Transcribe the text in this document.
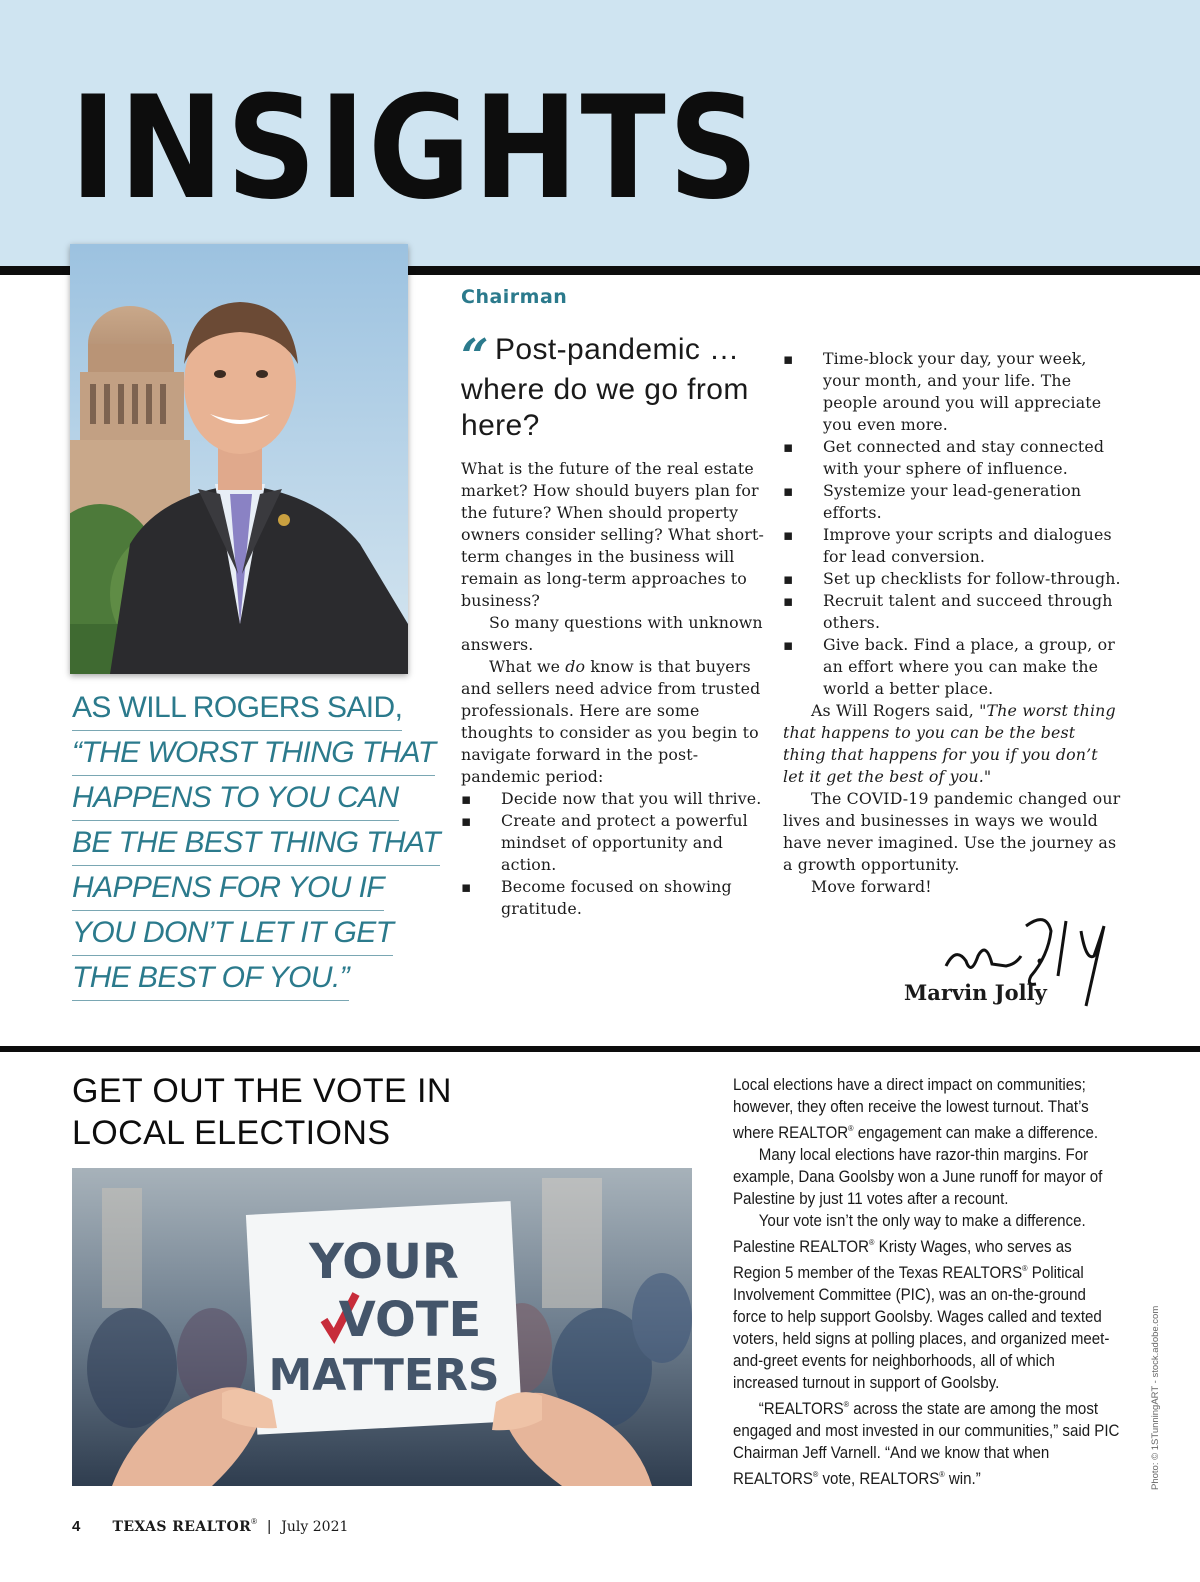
INSIGHTS
AS WILL ROGERS SAID,
“THE WORST THING THAT
HAPPENS TO YOU CAN
BE THE BEST THING THAT
HAPPENS FOR YOU IF
YOU DON’T LET IT GET
THE BEST OF YOU.”
Chairman
“ Post-pandemic … where do we go from here?

What is the future of the real estate market? How should buyers plan for the future? When should property owners consider selling? What short-term changes in the business will remain as long-term approaches to business?

So many questions with unknown answers.

What we do know is that buyers and sellers need advice from trusted professionals. Here are some thoughts to consider as you begin to navigate forward in the post-pandemic period:

▪ Decide now that you will thrive.
▪ Create and protect a powerful mindset of opportunity and action.
▪ Become focused on showing gratitude.
▪ Time-block your day, your week, your month, and your life. The people around you will appreciate you even more.
▪ Get connected and stay connected with your sphere of influence.
▪ Systemize your lead-generation efforts.
▪ Improve your scripts and dialogues for lead conversion.
▪ Set up checklists for follow-through.
▪ Recruit talent and succeed through others.
▪ Give back. Find a place, a group, or an effort where you can make the world a better place.

As Will Rogers said, "The worst thing that happens to you can be the best thing that happens for you if you don’t let it get the best of you."

The COVID-19 pandemic changed our lives and businesses in ways we would have never imagined. Use the journey as a growth opportunity.

Move forward!

Marvin Jolly
GET OUT THE VOTE IN LOCAL ELECTIONS
YOUR
VOTE
MATTERS

Local elections have a direct impact on communities; however, they often receive the lowest turnout. That’s where REALTOR® engagement can make a difference.

Many local elections have razor-thin margins. For example, Dana Goolsby won a June runoff for mayor of Palestine by just 11 votes after a recount.

Your vote isn’t the only way to make a difference. Palestine REALTOR® Kristy Wages, who serves as Region 5 member of the Texas REALTORS® Political Involvement Committee (PIC), was an on-the-ground force to help support Goolsby. Wages called and texted voters, held signs at polling places, and organized meet-and-greet events for neighborhoods, all of which increased turnout in support of Goolsby.

“REALTORS® across the state are among the most engaged and most invested in our communities,” said PIC Chairman Jeff Varnell. “And we know that when REALTORS® vote, REALTORS® win.”	Photo: © 1STunningART - stock.adobe.com
4 TEXAS REALTOR® | July 2021
